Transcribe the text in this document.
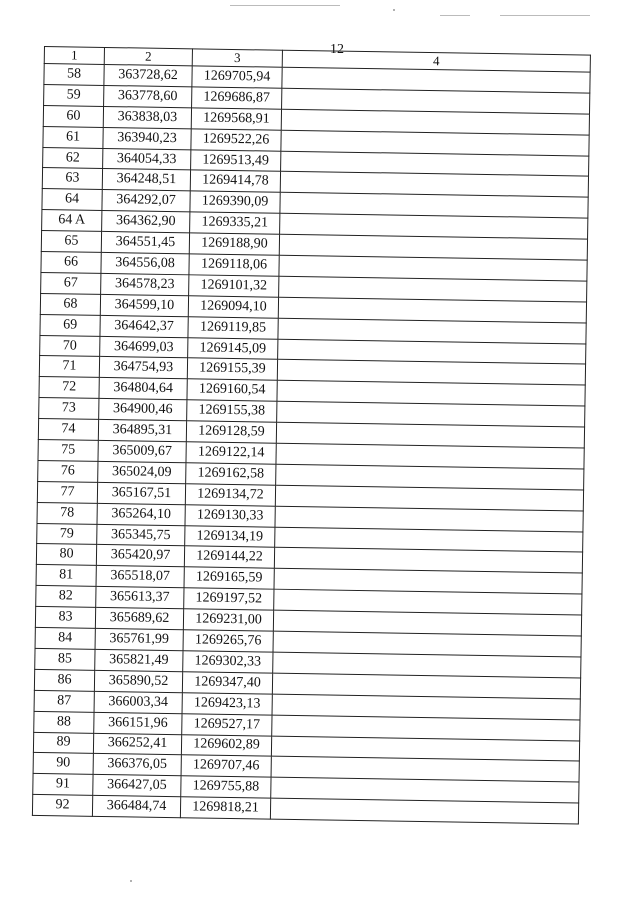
12
1	2	3	4
58	363728,62	1269705,94	
59	363778,60	1269686,87	
60	363838,03	1269568,91	
61	363940,23	1269522,26	
62	364054,33	1269513,49	
63	364248,51	1269414,78	
64	364292,07	1269390,09	
64 A	364362,90	1269335,21	
65	364551,45	1269188,90	
66	364556,08	1269118,06	
67	364578,23	1269101,32	
68	364599,10	1269094,10	
69	364642,37	1269119,85	
70	364699,03	1269145,09	
71	364754,93	1269155,39	
72	364804,64	1269160,54	
73	364900,46	1269155,38	
74	364895,31	1269128,59	
75	365009,67	1269122,14	
76	365024,09	1269162,58	
77	365167,51	1269134,72	
78	365264,10	1269130,33	
79	365345,75	1269134,19	
80	365420,97	1269144,22	
81	365518,07	1269165,59	
82	365613,37	1269197,52	
83	365689,62	1269231,00	
84	365761,99	1269265,76	
85	365821,49	1269302,33	
86	365890,52	1269347,40	
87	366003,34	1269423,13	
88	366151,96	1269527,17	
89	366252,41	1269602,89	
90	366376,05	1269707,46	
91	366427,05	1269755,88	
92	366484,74	1269818,21	
